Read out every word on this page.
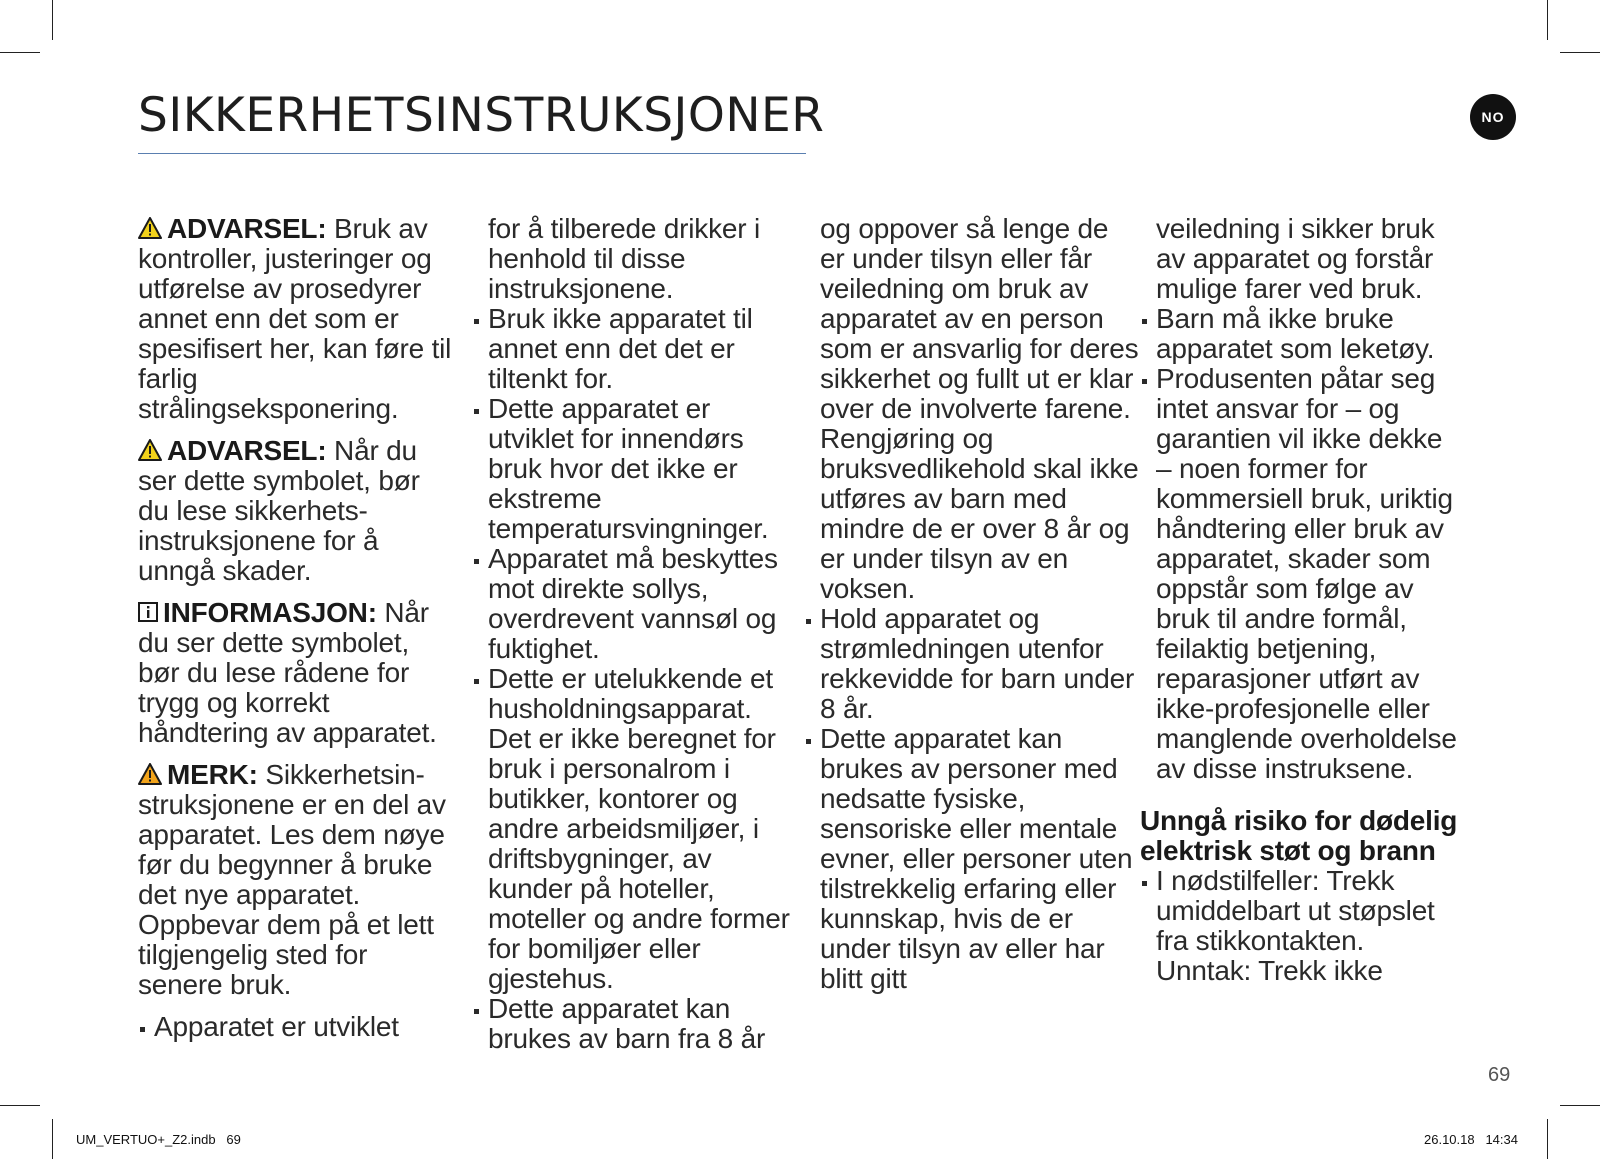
SIKKERHETSINSTRUKSJONER	NO

ADVARSEL: Bruk av kontroller, justeringer og utførelse av prosedyrer annet enn det som er spesifisert her, kan føre til farlig strålingseksponering.

ADVARSEL: Når du ser dette symbolet, bør du lese sikkerhets-instruksjonene for å unngå skader.

INFORMASJON: Når du ser dette symbolet, bør du lese rådene for trygg og korrekt håndtering av apparatet.

MERK: Sikkerhetsin-struksjonene er en del av apparatet. Les dem nøye før du begynner å bruke det nye apparatet. Oppbevar dem på et lett tilgjengelig sted for senere bruk.

Apparatet er utviklet
for å tilberede drikker i henhold til disse instruksjonene.
Bruk ikke apparatet til annet enn det det er tiltenkt for.
Dette apparatet er utviklet for innendørs bruk hvor det ikke er ekstreme temperatursvingninger.
Apparatet må beskyttes mot direkte sollys, overdrevent vannsøl og fuktighet.
Dette er utelukkende et husholdningsapparat. Det er ikke beregnet for bruk i personalrom i butikker, kontorer og andre arbeidsmiljøer, i driftsbygninger, av kunder på hoteller, moteller og andre former for bomiljøer eller gjestehus.
Dette apparatet kan brukes av barn fra 8 år
og oppover så lenge de er under tilsyn eller får veiledning om bruk av apparatet av en person som er ansvarlig for deres sikkerhet og fullt ut er klar over de involverte farene. Rengjøring og bruksvedlikehold skal ikke utføres av barn med mindre de er over 8 år og er under tilsyn av en voksen.
Hold apparatet og strømledningen utenfor rekkevidde for barn under 8 år.
Dette apparatet kan brukes av personer med nedsatte fysiske, sensoriske eller mentale evner, eller personer uten tilstrekkelig erfaring eller kunnskap, hvis de er under tilsyn av eller har blitt gitt
veiledning i sikker bruk av apparatet og forstår mulige farer ved bruk.
Barn må ikke bruke apparatet som leketøy.
Produsenten påtar seg intet ansvar for – og garantien vil ikke dekke – noen former for kommersiell bruk, uriktig håndtering eller bruk av apparatet, skader som oppstår som følge av bruk til andre formål, feilaktig betjening, reparasjoner utført av ikke-profesjonelle eller manglende overholdelse av disse instruksene.
Unngå risiko for dødelig elektrisk støt og brann
I nødstilfeller: Trekk umiddelbart ut støpslet fra stikkontakten. Unntak: Trekk ikke
69
UM_VERTUO+_Z2.indb   69	26.10.18   14:34
